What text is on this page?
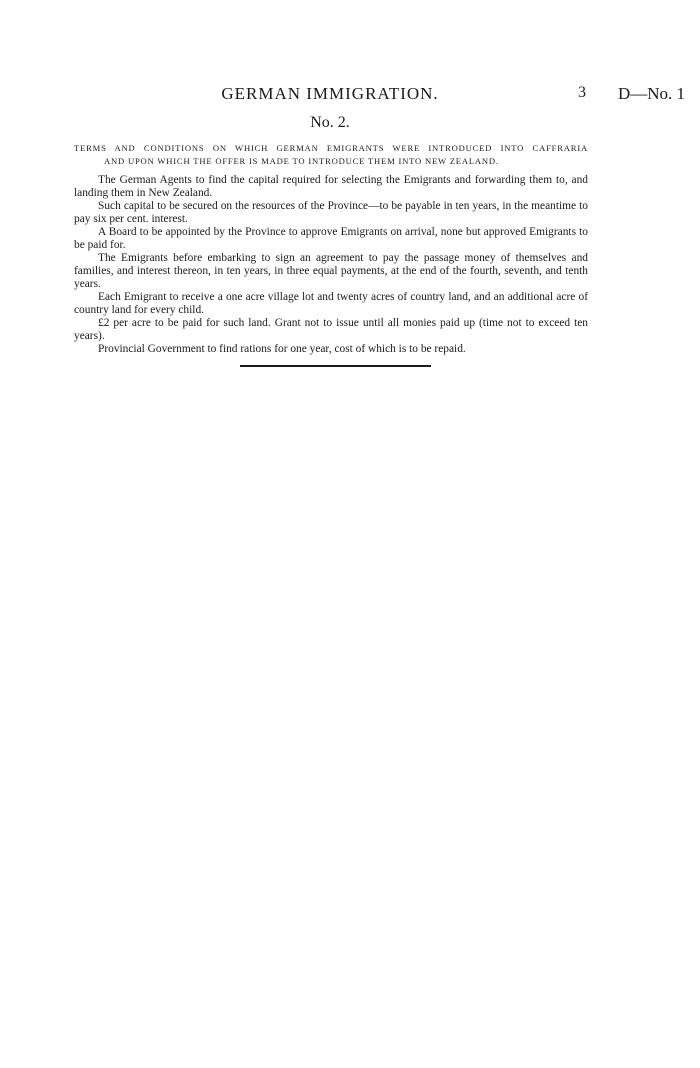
GERMAN IMMIGRATION.	3 D—No. 1
No. 2.
TERMS AND CONDITIONS ON WHICH GERMAN EMIGRANTS WERE INTRODUCED INTO CAFFRARIA
AND UPON WHICH THE OFFER IS MADE TO INTRODUCE THEM INTO NEW ZEALAND.

The German Agents to find the capital required for selecting the Emigrants and forwarding them to, and landing them in New Zealand.

Such capital to be secured on the resources of the Province—to be payable in ten years, in the meantime to pay six per cent. interest.

A Board to be appointed by the Province to approve Emigrants on arrival, none but approved Emigrants to be paid for.

The Emigrants before embarking to sign an agreement to pay the passage money of themselves and families, and interest thereon, in ten years, in three equal payments, at the end of the fourth, seventh, and tenth years.

Each Emigrant to receive a one acre village lot and twenty acres of country land, and an additional acre of country land for every child.

£2 per acre to be paid for such land. Grant not to issue until all monies paid up (time not to exceed ten years).

Provincial Government to find rations for one year, cost of which is to be repaid.
